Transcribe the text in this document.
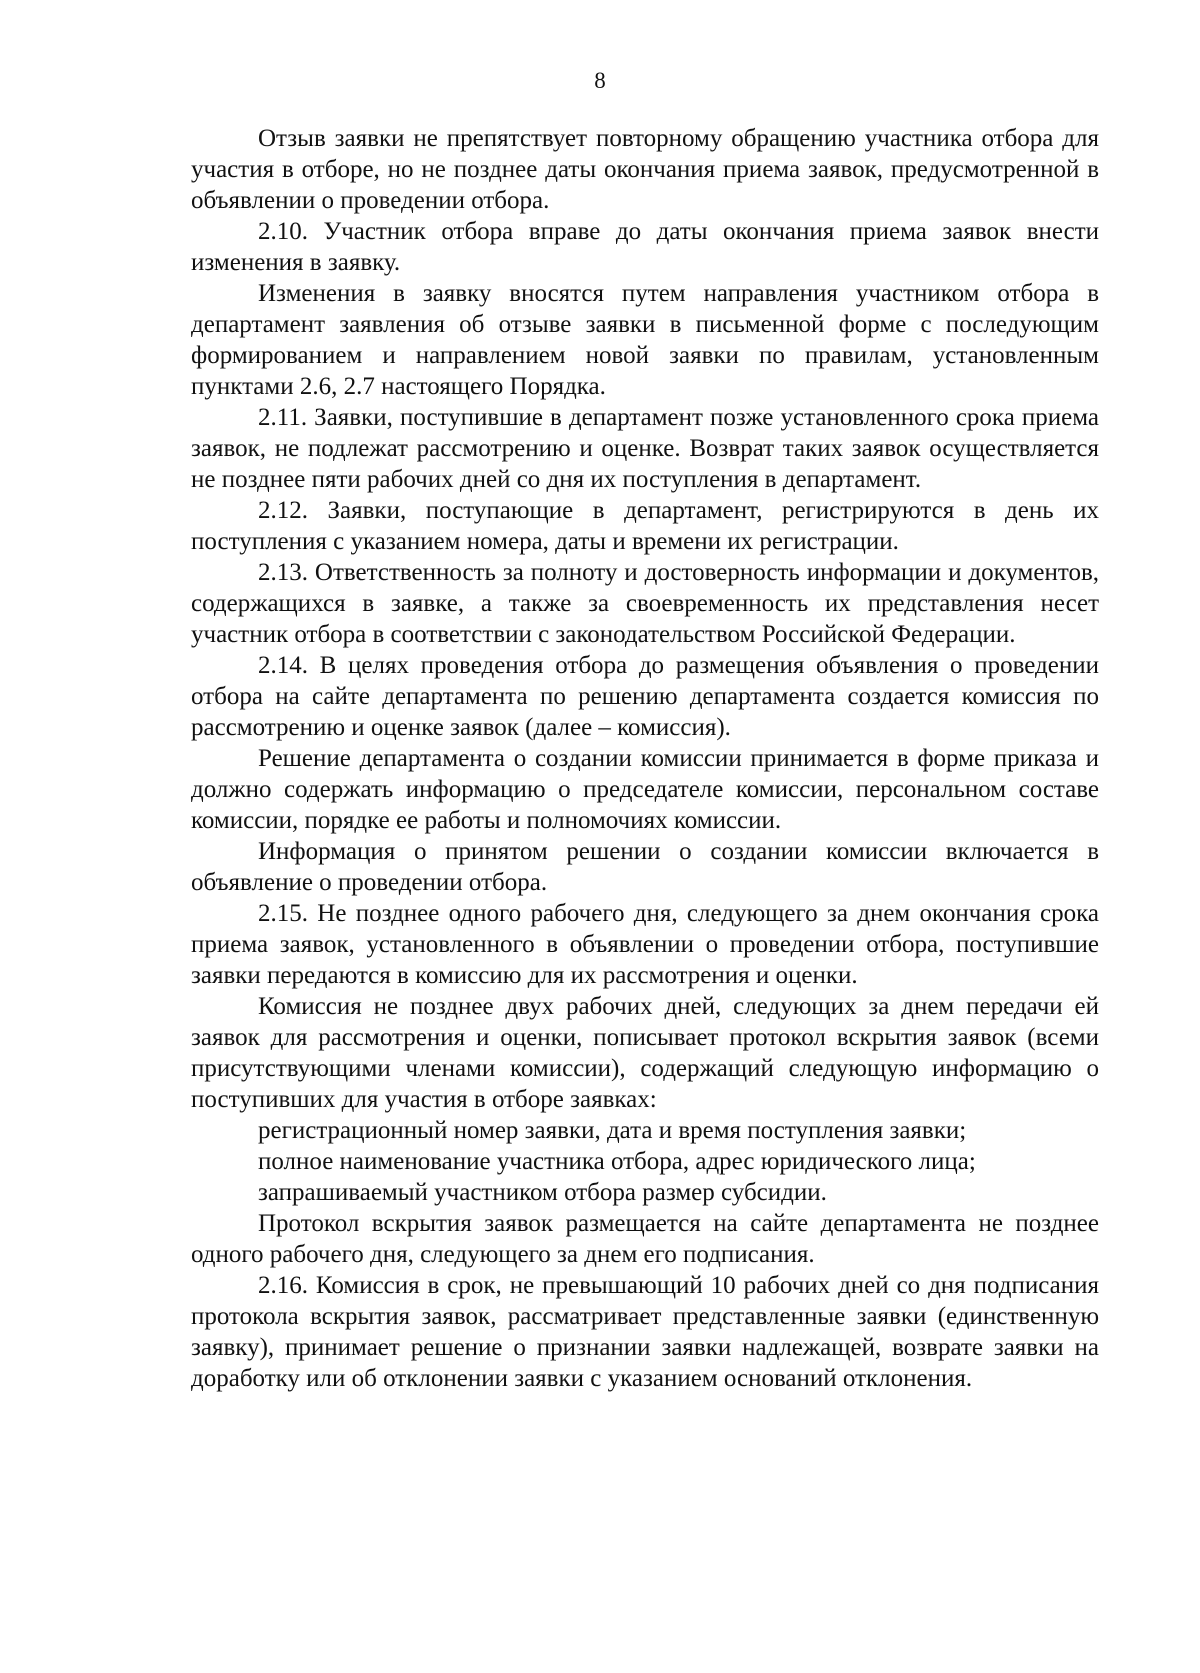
8

Отзыв заявки не препятствует повторному обращению участника отбора для участия в отборе, но не позднее даты окончания приема заявок, предусмотренной в объявлении о проведении отбора.

2.10. Участник отбора вправе до даты окончания приема заявок внести изменения в заявку.

Изменения в заявку вносятся путем направления участником отбора в департамент заявления об отзыве заявки в письменной форме с последующим формированием и направлением новой заявки по правилам, установленным пунктами 2.6, 2.7 настоящего Порядка.

2.11. Заявки, поступившие в департамент позже установленного срока приема заявок, не подлежат рассмотрению и оценке. Возврат таких заявок осуществляется не позднее пяти рабочих дней со дня их поступления в департамент.

2.12. Заявки, поступающие в департамент, регистрируются в день их поступления с указанием номера, даты и времени их регистрации.

2.13. Ответственность за полноту и достоверность информации и документов, содержащихся в заявке, а также за своевременность их представления несет участник отбора в соответствии с законодательством Российской Федерации.

2.14. В целях проведения отбора до размещения объявления о проведении отбора на сайте департамента по решению департамента создается комиссия по рассмотрению и оценке заявок (далее – комиссия).

Решение департамента о создании комиссии принимается в форме приказа и должно содержать информацию о председателе комиссии, персональном составе комиссии, порядке ее работы и полномочиях комиссии.

Информация о принятом решении о создании комиссии включается в объявление о проведении отбора.

2.15. Не позднее одного рабочего дня, следующего за днем окончания срока приема заявок, установленного в объявлении о проведении отбора, поступившие заявки передаются в комиссию для их рассмотрения и оценки.

Комиссия не позднее двух рабочих дней, следующих за днем передачи ей заявок для рассмотрения и оценки, пописывает протокол вскрытия заявок (всеми присутствующими членами комиссии), содержащий следующую информацию о поступивших для участия в отборе заявках:

регистрационный номер заявки, дата и время поступления заявки;

полное наименование участника отбора, адрес юридического лица;

запрашиваемый участником отбора размер субсидии.

Протокол вскрытия заявок размещается на сайте департамента не позднее одного рабочего дня, следующего за днем его подписания.

2.16. Комиссия в срок, не превышающий 10 рабочих дней со дня подписания протокола вскрытия заявок, рассматривает представленные заявки (единственную заявку), принимает решение о признании заявки надлежащей, возврате заявки на доработку или об отклонении заявки с указанием оснований отклонения.
